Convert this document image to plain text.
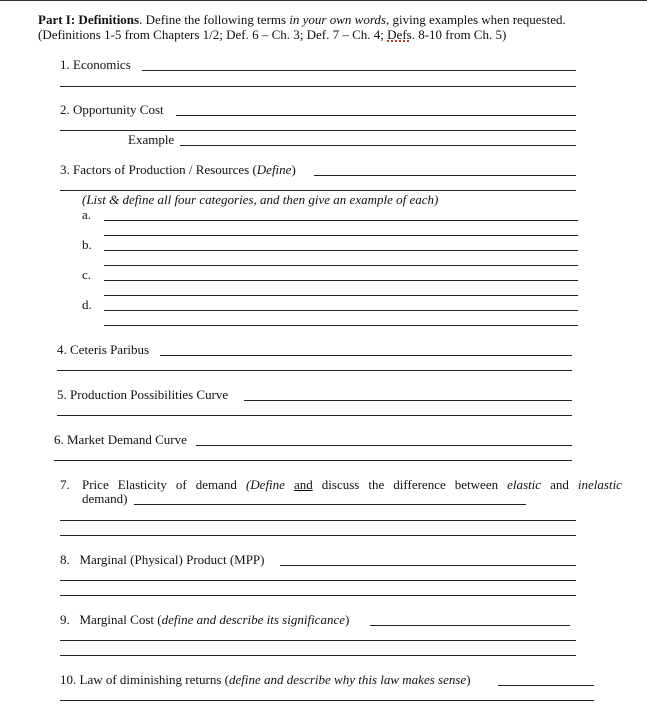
Part I: Definitions. Define the following terms in your own words, giving examples when requested.
(Definitions 1-5 from Chapters 1/2; Def. 6 – Ch. 3; Def. 7 – Ch. 4; Defs. 8-10 from Ch. 5)
1. Economics
2. Opportunity Cost
Example
3. Factors of Production / Resources (Define)
(List & define all four categories, and then give an example of each)
a.
b.
c.
d.
4. Ceteris Paribus
5. Production Possibilities Curve
6. Market Demand Curve
7. Price Elasticity of demand (Define and discuss the difference between elastic and inelastic
demand)
8.   Marginal (Physical) Product (MPP)
9.   Marginal Cost (define and describe its significance)
10. Law of diminishing returns (define and describe why this law makes sense)
